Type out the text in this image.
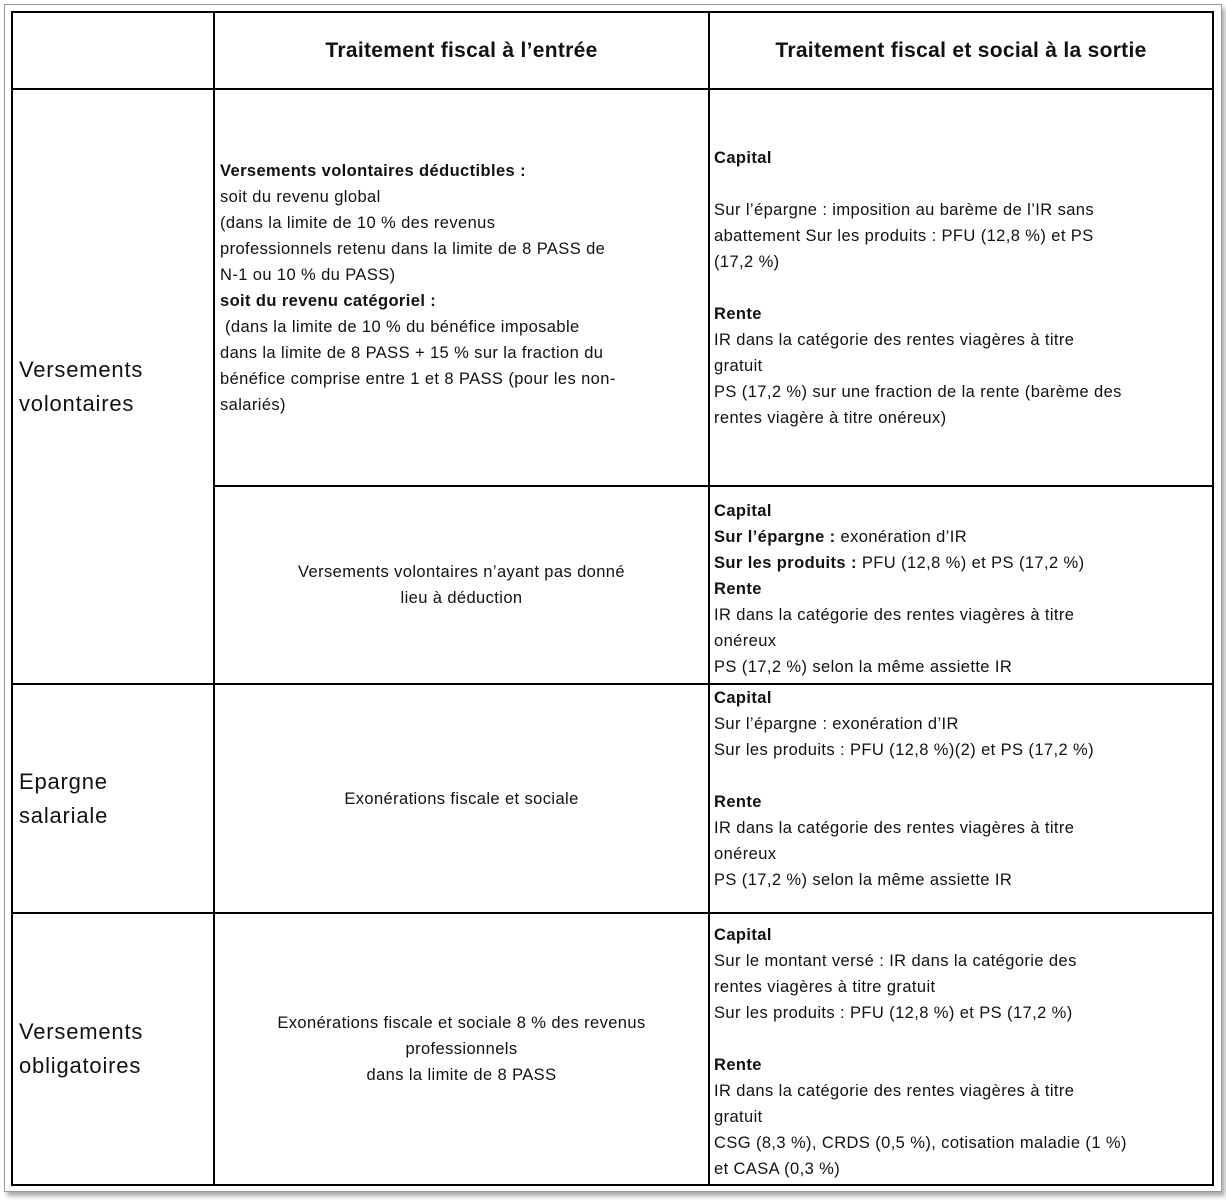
Traitement fiscal à l’entrée	Traitement fiscal et social à la sortie
Versements
volontaires
Versements volontaires déductibles :
soit du revenu global
(dans la limite de 10 % des revenus
professionnels retenu dans la limite de 8 PASS de
N-1 ou 10 % du PASS)
soit du revenu catégoriel :
(dans la limite de 10 % du bénéfice imposable
dans la limite de 8 PASS + 15 % sur la fraction du
bénéfice comprise entre 1 et 8 PASS (pour les non-
salariés)
Capital
Sur l’épargne : imposition au barème de l’IR sans
abattement Sur les produits : PFU (12,8 %) et PS
(17,2 %)
Rente
IR dans la catégorie des rentes viagères à titre
gratuit
PS (17,2 %) sur une fraction de la rente (barème des
rentes viagère à titre onéreux)
Versements volontaires n’ayant pas donné
lieu à déduction
Capital
Sur l’épargne : exonération d’IR
Sur les produits : PFU (12,8 %) et PS (17,2 %)
Rente
IR dans la catégorie des rentes viagères à titre
onéreux
PS (17,2 %) selon la même assiette IR
Epargne
salariale
Exonérations fiscale et sociale
Capital
Sur l’épargne : exonération d’IR
Sur les produits : PFU (12,8 %)(2) et PS (17,2 %)
Rente
IR dans la catégorie des rentes viagères à titre
onéreux
PS (17,2 %) selon la même assiette IR
Versements
obligatoires
Exonérations fiscale et sociale 8 % des revenus
professionnels
dans la limite de 8 PASS
Capital
Sur le montant versé : IR dans la catégorie des
rentes viagères à titre gratuit
Sur les produits : PFU (12,8 %) et PS (17,2 %)
Rente
IR dans la catégorie des rentes viagères à titre
gratuit
CSG (8,3 %), CRDS (0,5 %), cotisation maladie (1 %)
et CASA (0,3 %)
